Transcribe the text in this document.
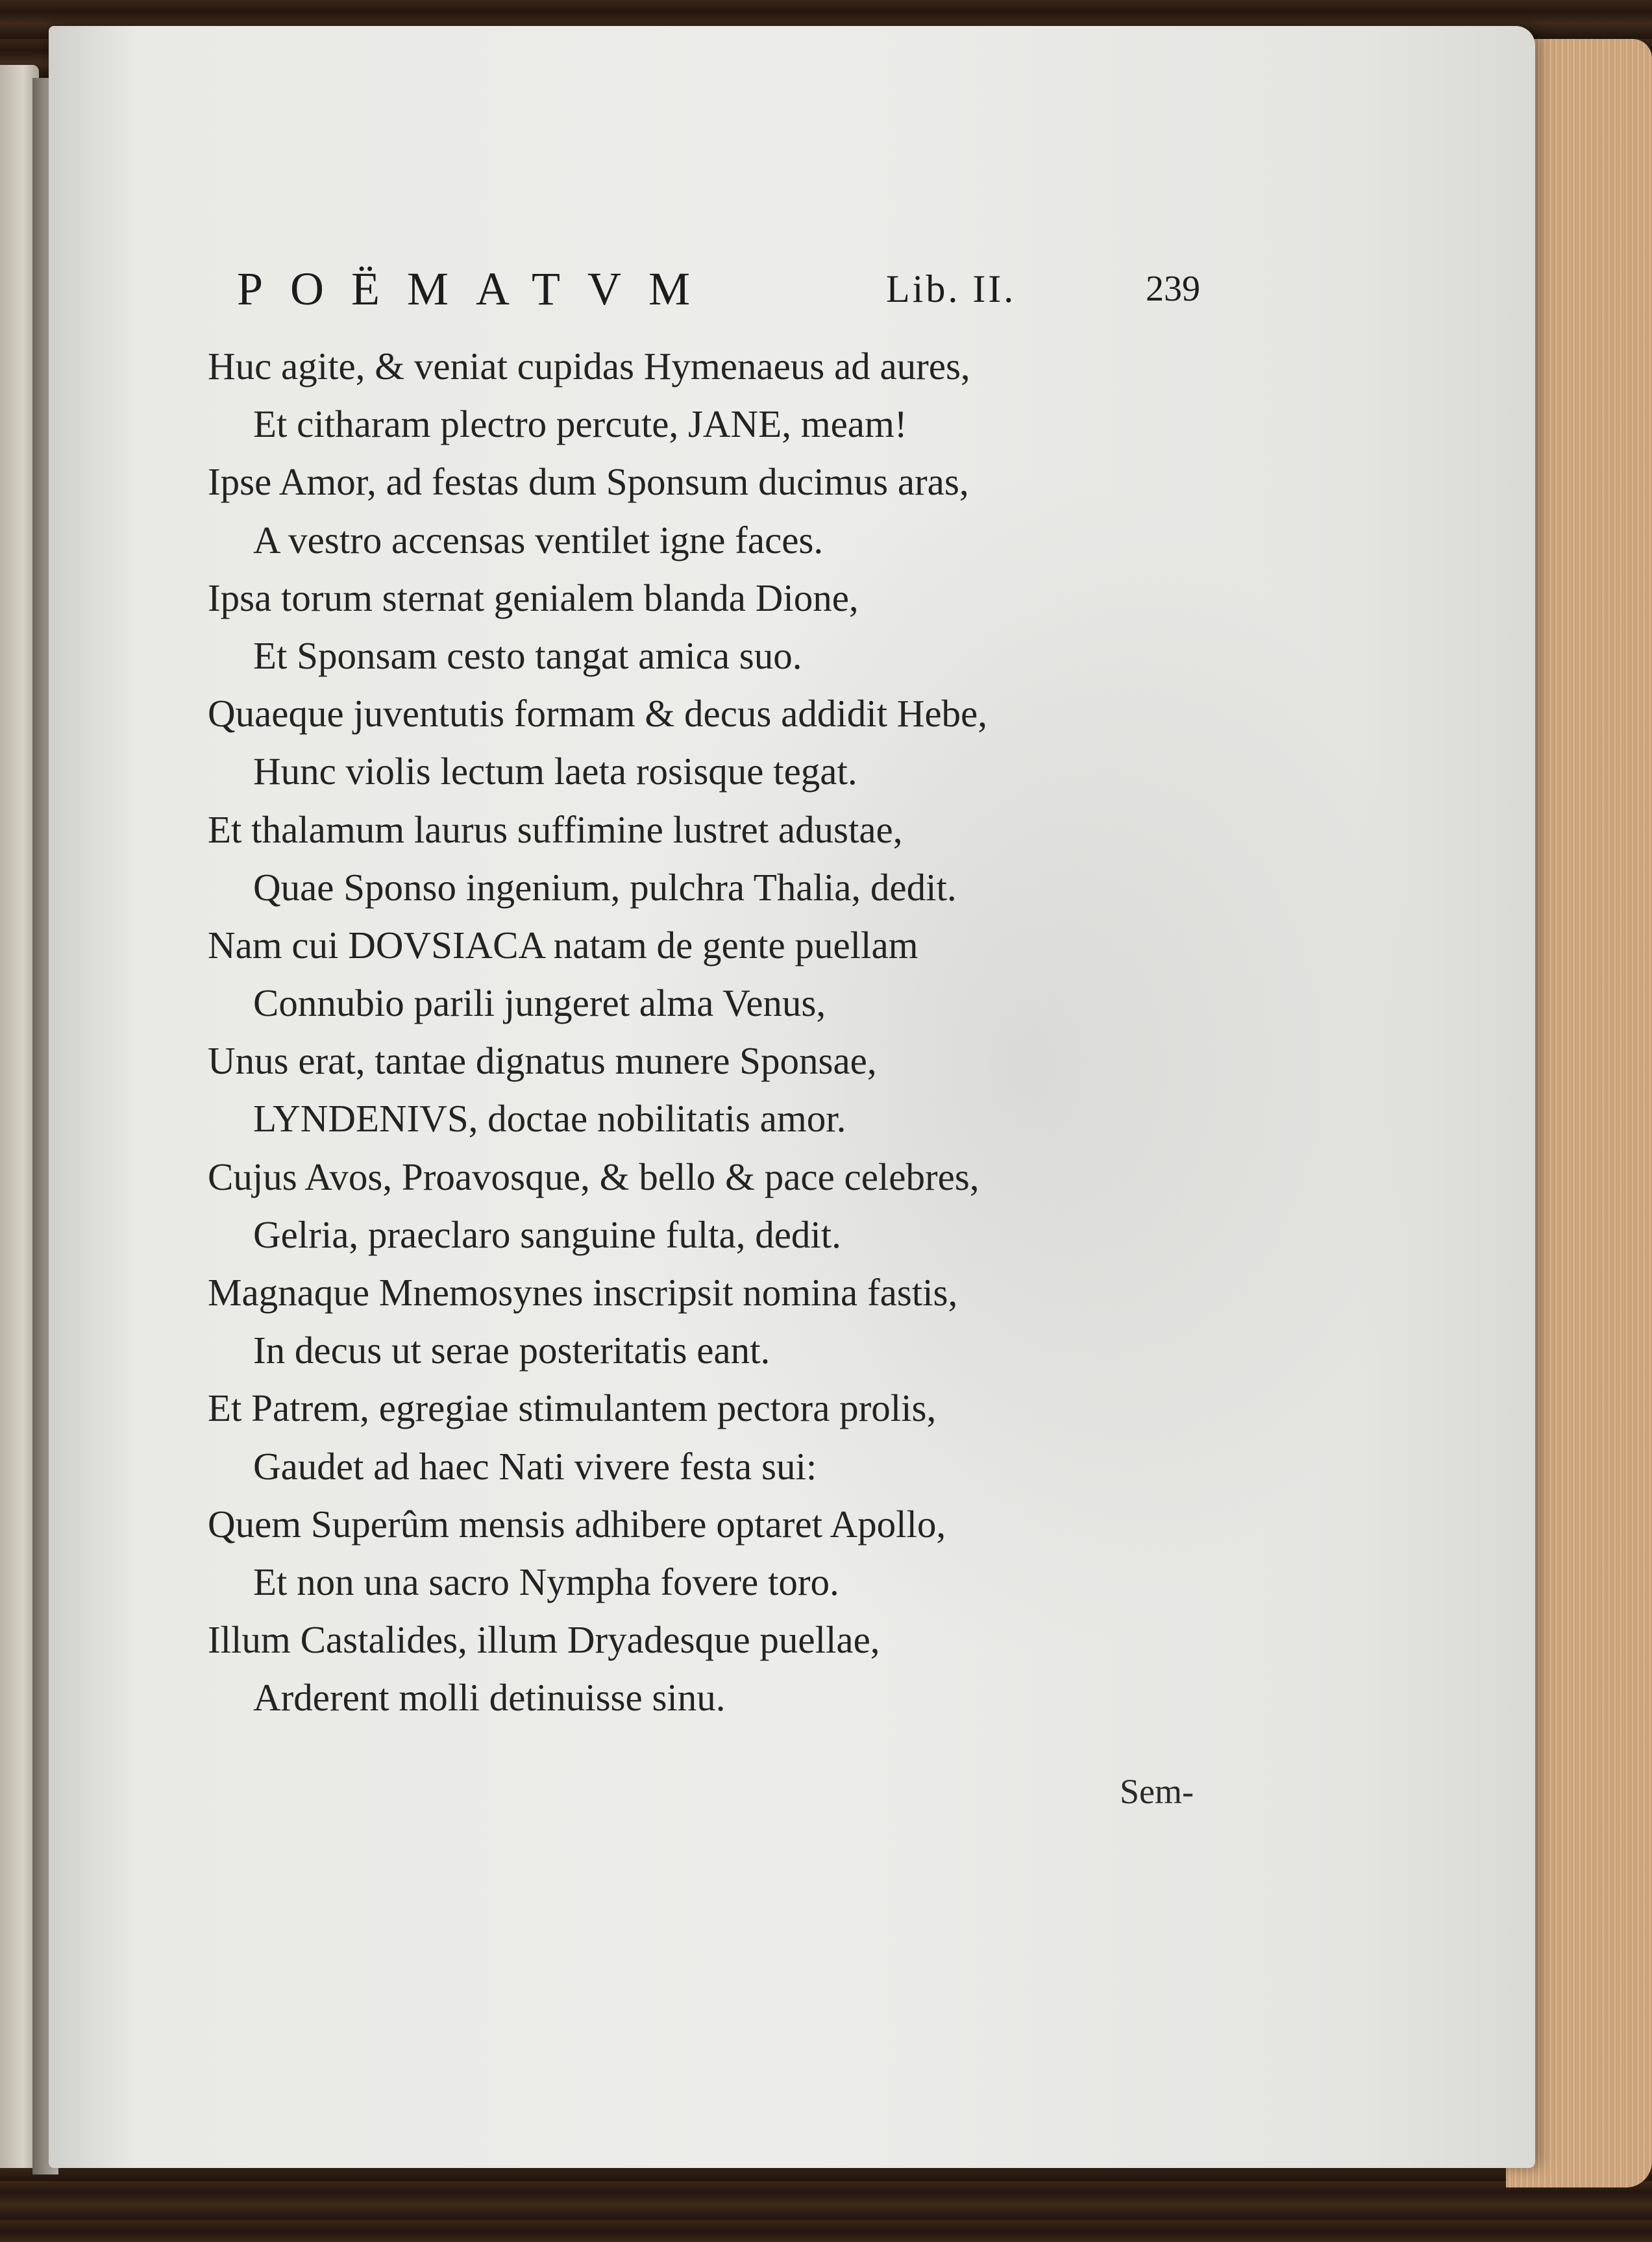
POËMATVM	Lib. II.	239
Huc agite, & veniat cupidas Hymenaeus ad aures,
Et citharam plectro percute, JANE, meam!
Ipse Amor, ad festas dum Sponsum ducimus aras,
A vestro accensas ventilet igne faces.
Ipsa torum sternat genialem blanda Dione,
Et Sponsam cesto tangat amica suo.
Quaeque juventutis formam & decus addidit Hebe,
Hunc violis lectum laeta rosisque tegat.
Et thalamum laurus suffimine lustret adustae,
Quae Sponso ingenium, pulchra Thalia, dedit.
Nam cui DOVSIACA natam de gente puellam
Connubio parili jungeret alma Venus,
Unus erat, tantae dignatus munere Sponsae,
LYNDENIVS, doctae nobilitatis amor.
Cujus Avos, Proavosque, & bello & pace celebres,
Gelria, praeclaro sanguine fulta, dedit.
Magnaque Mnemosynes inscripsit nomina fastis,
In decus ut serae posteritatis eant.
Et Patrem, egregiae stimulantem pectora prolis,
Gaudet ad haec Nati vivere festa sui:
Quem Superûm mensis adhibere optaret Apollo,
Et non una sacro Nympha fovere toro.
Illum Castalides, illum Dryadesque puellae,
Arderent molli detinuisse sinu.
Sem-
